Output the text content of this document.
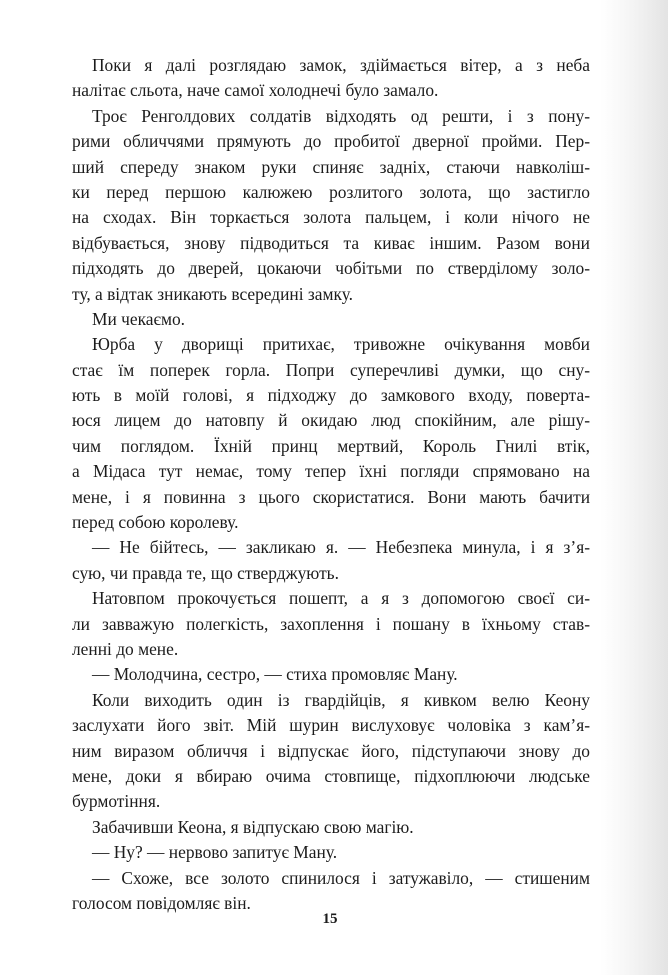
Поки я далі розглядаю замок, здіймається вітер, а з неба
налітає сльота, наче самої холоднечі було замало.
Троє Ренголдових солдатів відходять од решти, і з пону-
рими обличчями прямують до пробитої дверної пройми. Пер-
ший спереду знаком руки спиняє задніх, стаючи навколіш-
ки перед першою калюжею розлитого золота, що застигло
на сходах. Він торкається золота пальцем, і коли нічого не
відбувається, знову підводиться та киває іншим. Разом вони
підходять до дверей, цокаючи чобітьми по стверділому золо-
ту, а відтак зникають всередині замку.
Ми чекаємо.
Юрба у дворищі притихає, тривожне очікування мовби
стає їм поперек горла. Попри суперечливі думки, що сну-
ють в моїй голові, я підходжу до замкового входу, поверта-
юся лицем до натовпу й окидаю люд спокійним, але рішу-
чим поглядом. Їхній принц мертвий, Король Гнилі втік,
а Мідаса тут немає, тому тепер їхні погляди спрямовано на
мене, і я повинна з цього скористатися. Вони мають бачити
перед собою королеву.
— Не бійтесь, — закликаю я. — Небезпека минула, і я з’я-
сую, чи правда те, що стверджують.
Натовпом прокочується пошепт, а я з допомогою своєї си-
ли завважую полегкість, захоплення і пошану в їхньому став-
ленні до мене.
— Молодчина, сестро, — стиха промовляє Ману.
Коли виходить один із гвардійців, я кивком велю Кеону
заслухати його звіт. Мій шурин вислуховує чоловіка з кам’я-
ним виразом обличчя і відпускає його, підступаючи знову до
мене, доки я вбираю очима стовпище, підхоплюючи людське
бурмотіння.
Забачивши Кеона, я відпускаю свою магію.
— Ну? — нервово запитує Ману.
— Схоже, все золото спинилося і затужавіло, — стишеним
голосом повідомляє він.
15
